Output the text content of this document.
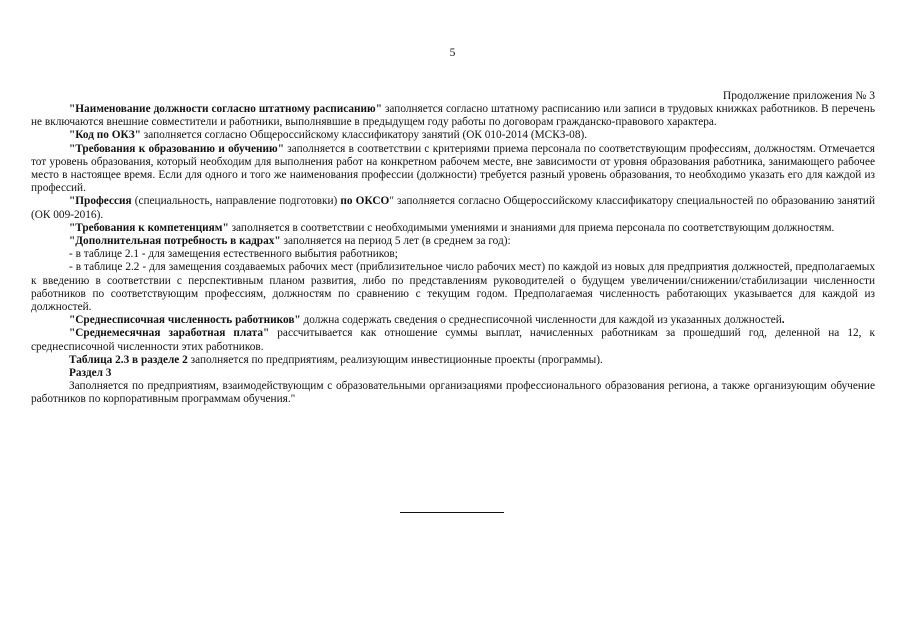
5
Продолжение приложения № 3

"Наименование должности согласно штатному расписанию" заполняется согласно штатному расписанию или записи в трудовых книжках работников. В перечень не включаются внешние совместители и работники, выполнявшие в предыдущем году работы по договорам гражданско-правового характера.

"Код по ОКЗ" заполняется согласно Общероссийскому классификатору занятий (ОК 010-2014 (МСКЗ-08).

"Требования к образованию и обучению" заполняется в соответствии с критериями приема персонала по соответствующим профессиям, должностям. Отмечается тот уровень образования, который необходим для выполнения работ на конкретном рабочем месте, вне зависимости от уровня образования работника, занимающего рабочее место в настоящее время. Если для одного и того же наименования профессии (должности) требуется разный уровень образования, то необходимо указать его для каждой из профессий.

"Профессия (специальность, направление подготовки) по ОКСО" заполняется согласно Общероссийскому классификатору специальностей по образованию занятий (ОК 009-2016).

"Требования к компетенциям" заполняется в соответствии с необходимыми умениями и знаниями для приема персонала по соответствующим должностям.

"Дополнительная потребность в кадрах" заполняется на период 5 лет (в среднем за год):

- в таблице 2.1 - для замещения естественного выбытия работников;

- в таблице 2.2 - для замещения создаваемых рабочих мест (приблизительное число рабочих мест) по каждой из новых для предприятия должностей, предполагаемых к введению в соответствии с перспективным планом развития, либо по представлениям руководителей о будущем увеличении/снижении/стабилизации численности работников по соответствующим профессиям, должностям по сравнению с текущим годом. Предполагаемая численность работающих указывается для каждой из должностей.

"Среднесписочная численность работников" должна содержать сведения о среднесписочной численности для каждой из указанных должностей.

"Среднемесячная заработная плата" рассчитывается как отношение суммы выплат, начисленных работникам за прошедший год, деленной на 12, к среднесписочной численности этих работников.

Таблица 2.3 в разделе 2 заполняется по предприятиям, реализующим инвестиционные проекты (программы).

Раздел 3

Заполняется по предприятиям, взаимодействующим с образовательными организациями профессионального образования региона, а также организующим обучение работников по корпоративным программам обучения."
